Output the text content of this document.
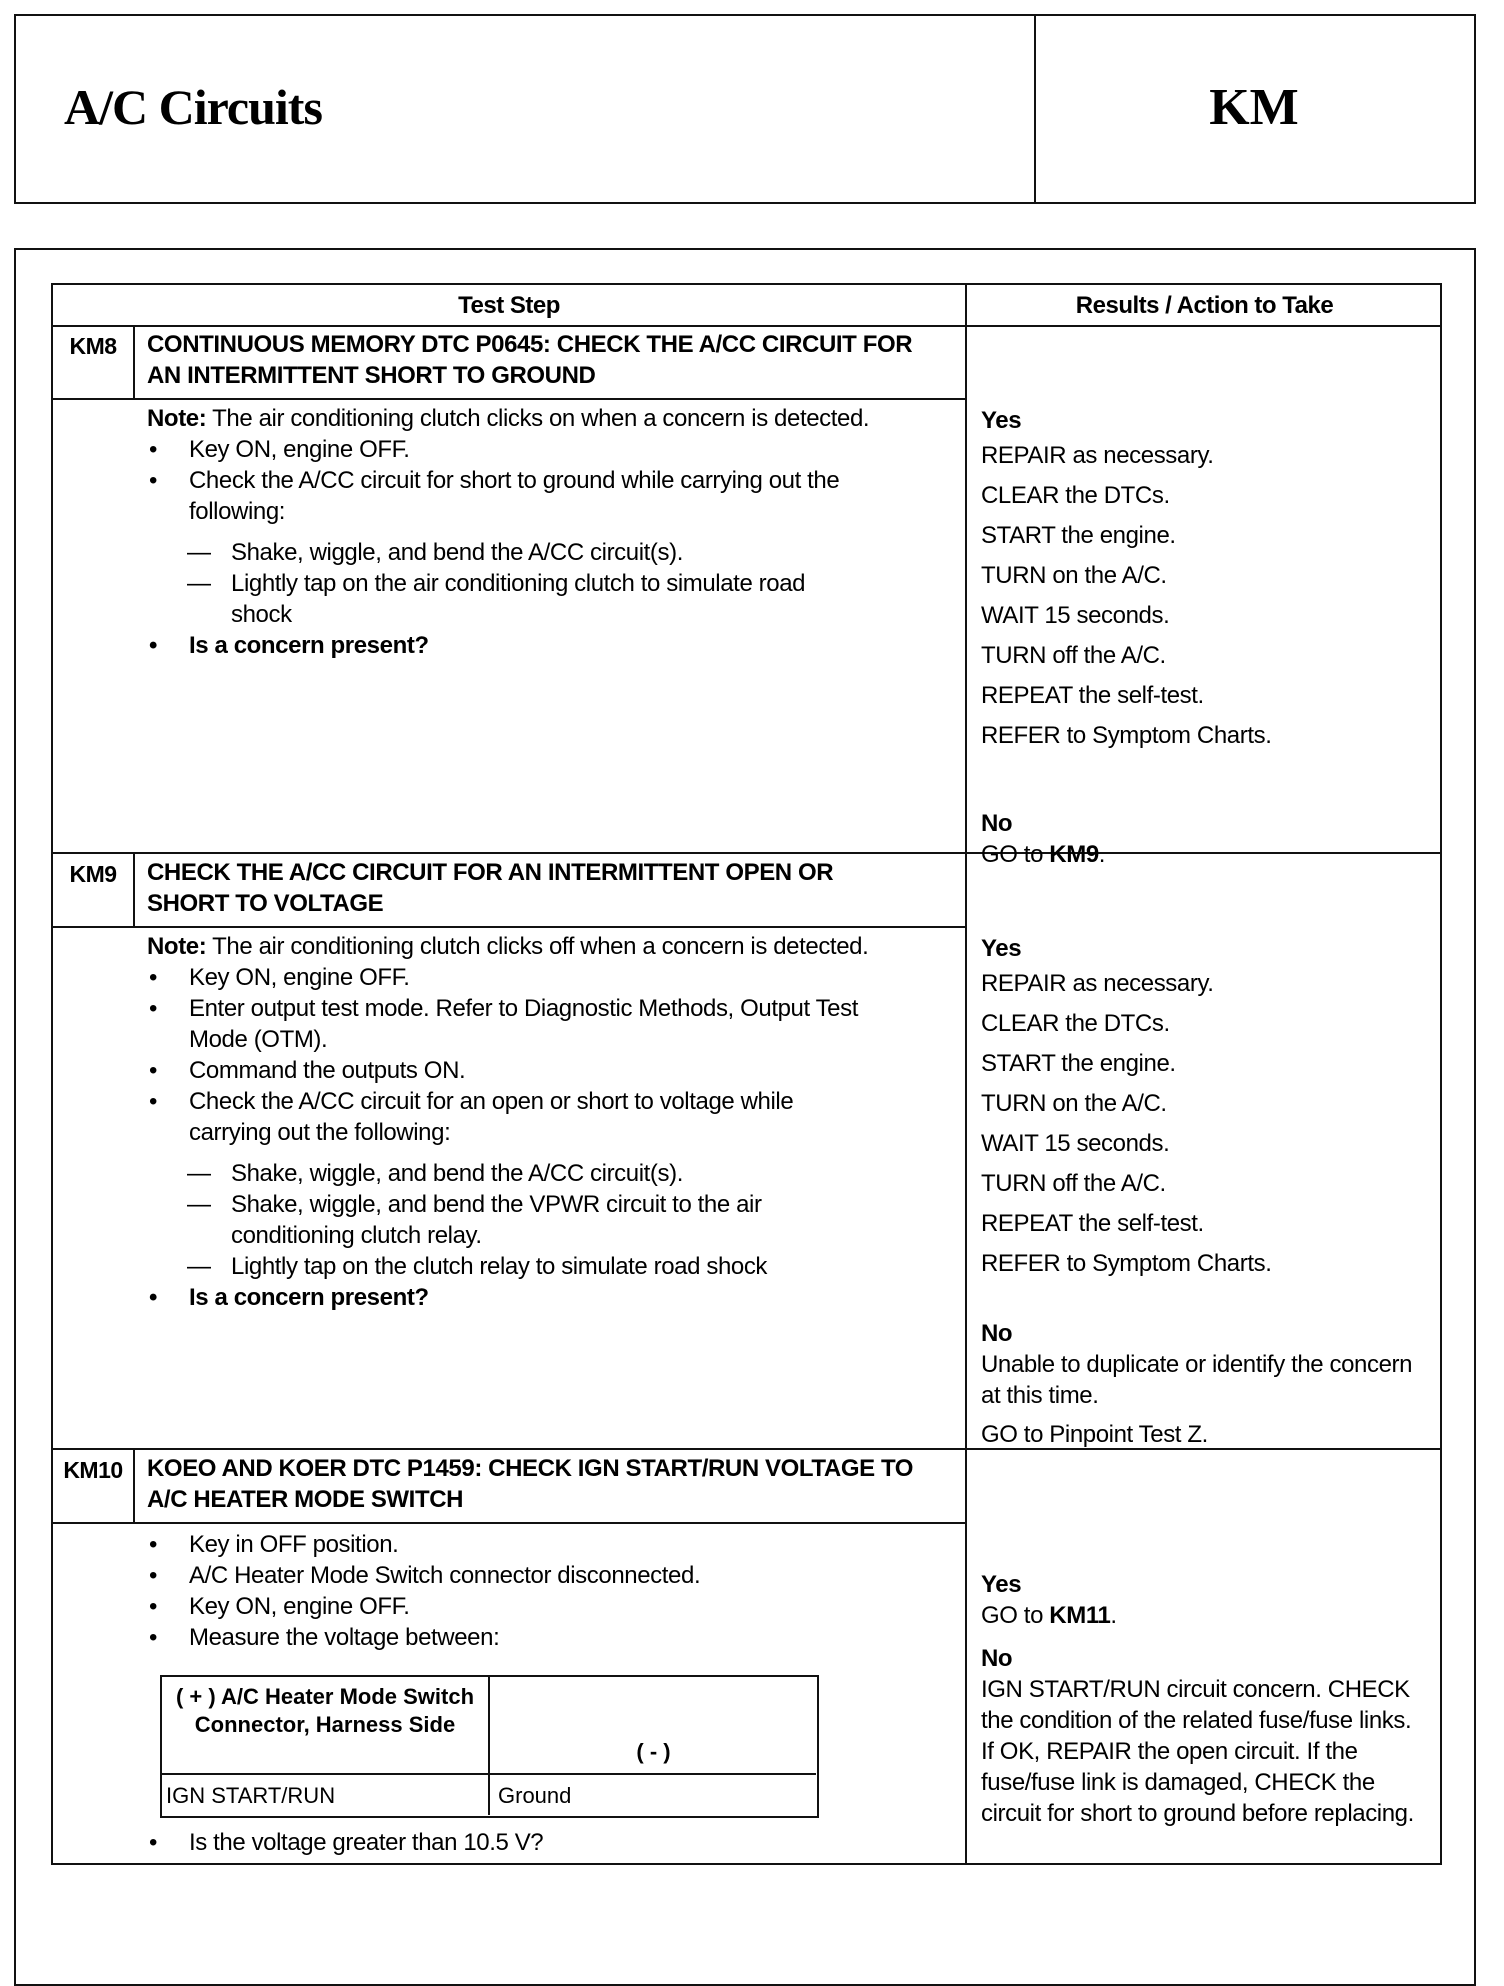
A/C Circuits	KM
Test Step	Results / Action to Take
KM8	CONTINUOUS MEMORY DTC P0645: CHECK THE A/CC CIRCUIT FOR AN INTERMITTENT SHORT TO GROUND
Note: The air conditioning clutch clicks on when a concern is detected.
• Key ON, engine OFF.
• Check the A/CC circuit for short to ground while carrying out the following:
— Shake, wiggle, and bend the A/CC circuit(s).
— Lightly tap on the air conditioning clutch to simulate road shock
• Is a concern present?
Yes
REPAIR as necessary.
CLEAR the DTCs.
START the engine.
TURN on the A/C.
WAIT 15 seconds.
TURN off the A/C.
REPEAT the self-test.
REFER to Symptom Charts.
No
GO to KM9.
KM9	CHECK THE A/CC CIRCUIT FOR AN INTERMITTENT OPEN OR SHORT TO VOLTAGE
Note: The air conditioning clutch clicks off when a concern is detected.
• Key ON, engine OFF.
• Enter output test mode. Refer to Diagnostic Methods, Output Test Mode (OTM).
• Command the outputs ON.
• Check the A/CC circuit for an open or short to voltage while carrying out the following:
— Shake, wiggle, and bend the A/CC circuit(s).
— Shake, wiggle, and bend the VPWR circuit to the air conditioning clutch relay.
— Lightly tap on the clutch relay to simulate road shock
• Is a concern present?
Yes
REPAIR as necessary.
CLEAR the DTCs.
START the engine.
TURN on the A/C.
WAIT 15 seconds.
TURN off the A/C.
REPEAT the self-test.
REFER to Symptom Charts.
No
Unable to duplicate or identify the concern at this time.
GO to Pinpoint Test Z.
KM10	KOEO AND KOER DTC P1459: CHECK IGN START/RUN VOLTAGE TO A/C HEATER MODE SWITCH
• Key in OFF position.
• A/C Heater Mode Switch connector disconnected.
• Key ON, engine OFF.
• Measure the voltage between:
( + ) A/C Heater Mode Switch Connector, Harness Side
( - )
IGN START/RUN	Ground
• Is the voltage greater than 10.5 V?
Yes
GO to KM11.
No
IGN START/RUN circuit concern. CHECK the condition of the related fuse/fuse links. If OK, REPAIR the open circuit. If the fuse/fuse link is damaged, CHECK the circuit for short to ground before replacing.
